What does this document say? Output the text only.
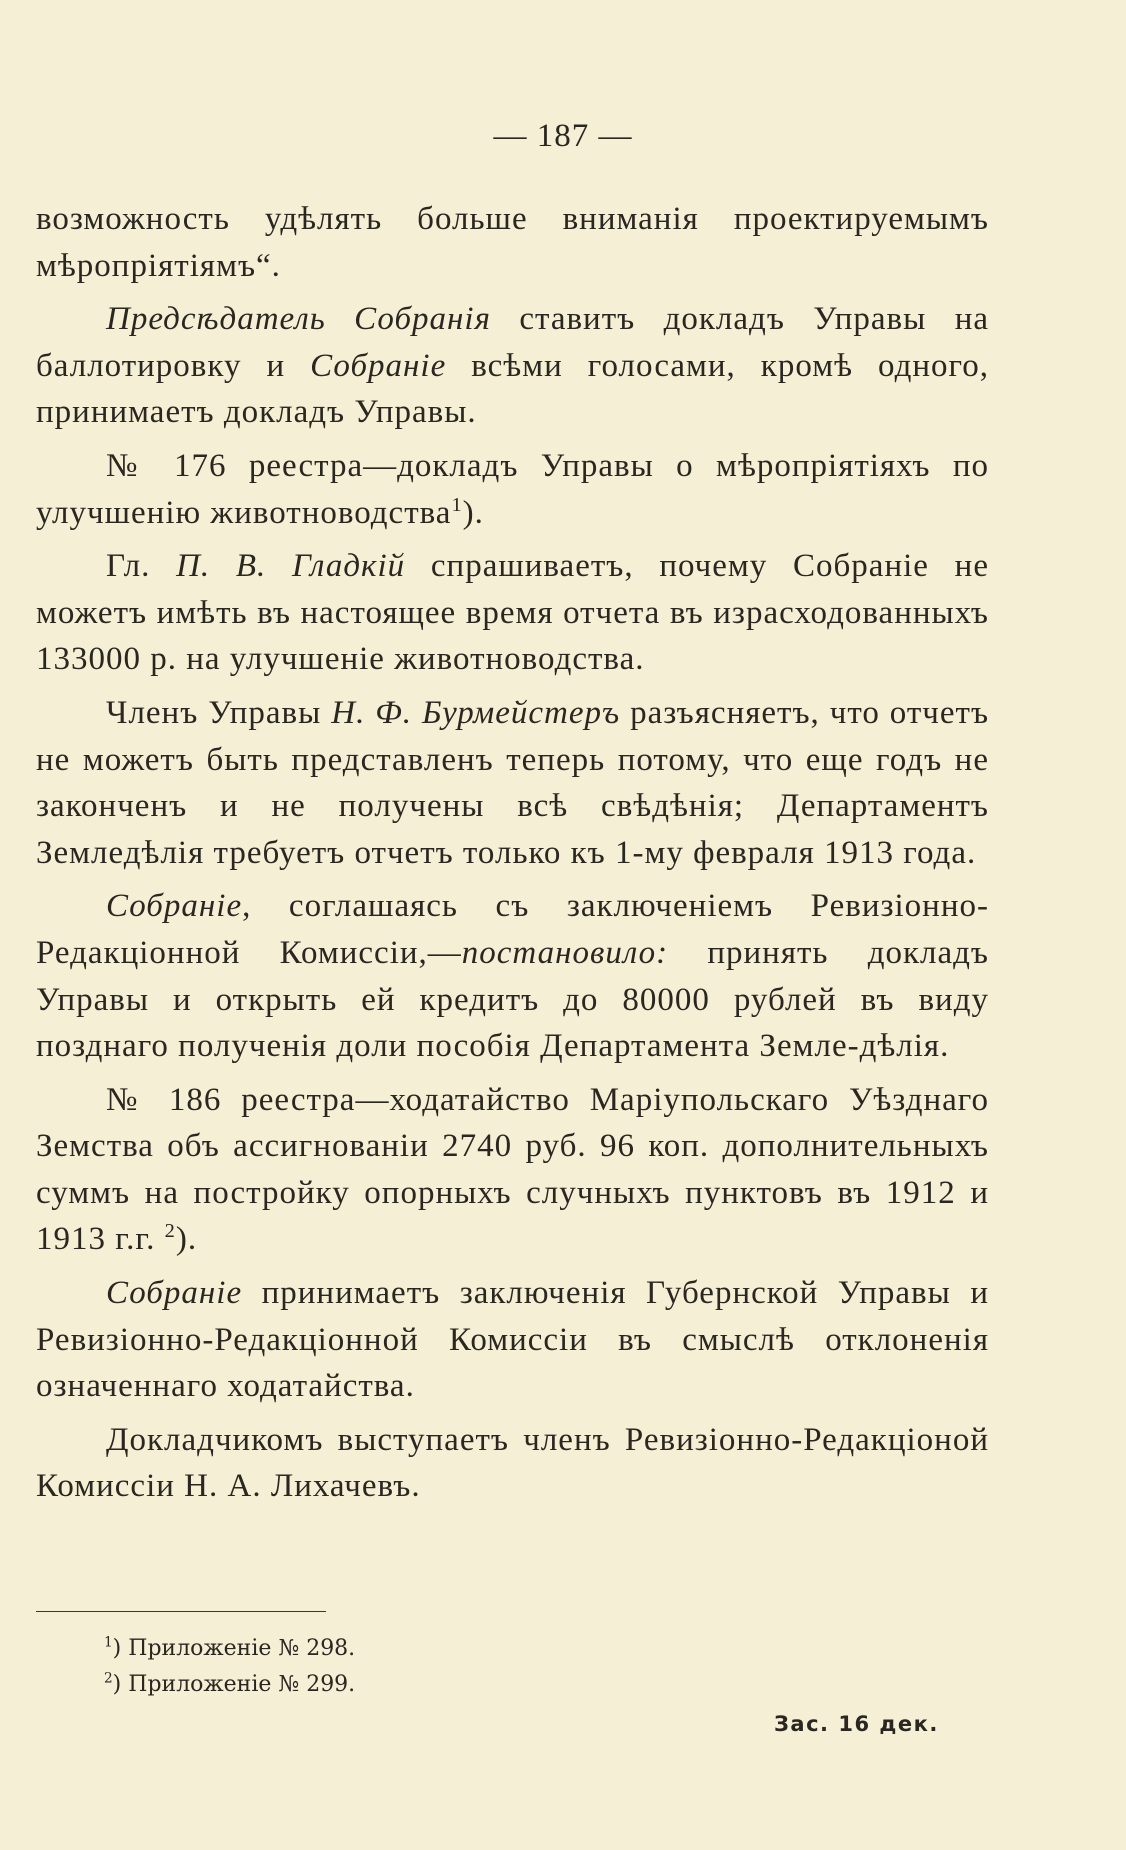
— 187 —

возможность удѣлять больше вниманія проектируемымъ мѣропріятіямъ“.

Предсѣдатель Собранія ставитъ докладъ Управы на баллотировку и Собраніе всѣми голосами, кромѣ одного, принимаетъ докладъ Управы.

№ 176 реестра—докладъ Управы о мѣропріятіяхъ по улучшенію животноводства$^1$).

Гл. П. В. Гладкій спрашиваетъ, почему Собраніе не можетъ имѣть въ настоящее время отчета въ израсходованныхъ 133000 р. на улучшеніе животноводства.

Членъ Управы Н. Ф. Бурмейстеръ разъясняетъ, что отчетъ не можетъ быть представленъ теперь потому, что еще годъ не законченъ и не получены всѣ свѣдѣнія; Департаментъ Земледѣлія требуетъ отчетъ только къ 1-му февраля 1913 года.

Собраніе, соглашаясь съ заключеніемъ Ревизіонно-Редакціонной Комиссіи,—постановило: принять докладъ Управы и открыть ей кредитъ до 80000 рублей въ виду позднаго полученія доли пособія Департамента Земле-дѣлія.

№ 186 реестра—ходатайство Маріупольскаго Уѣзднаго Земства объ ассигнованіи 2740 руб. 96 коп. дополнительныхъ суммъ на постройку опорныхъ случныхъ пунктовъ въ 1912 и 1913 г.г. $^2$).

Собраніе принимаетъ заключенія Губернской Управы и Ревизіонно-Редакціонной Комиссіи въ смыслѣ отклоненія означеннаго ходатайства.

Докладчикомъ выступаетъ членъ Ревизіонно-Редакціоной Комиссіи Н. А. Лихачевъ.

$^1$) Приложеніе № 298.
$^2$) Приложеніе № 299.
Зас. 16 дек.
